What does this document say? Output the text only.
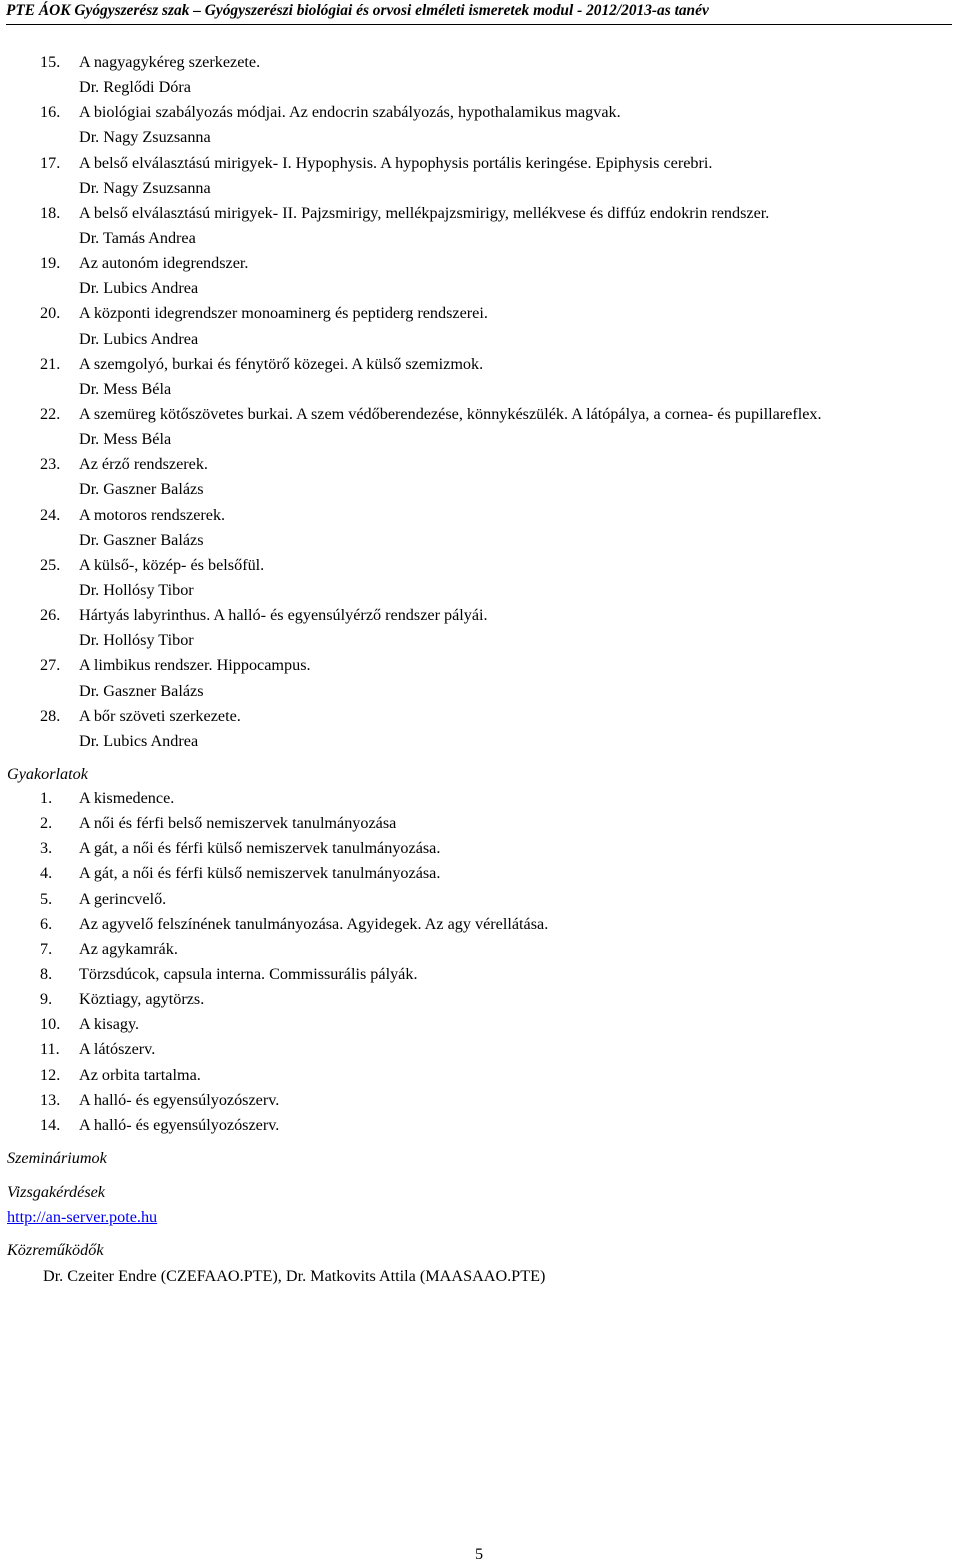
PTE ÁOK Gyógyszerész szak – Gyógyszerészi biológiai és orvosi elméleti ismeretek modul - 2012/2013-as tanév
15. A nagyagykéreg szerkezete.
Dr. Reglődi Dóra
16. A biológiai szabályozás módjai. Az endocrin szabályozás, hypothalamikus magvak.
Dr. Nagy Zsuzsanna
17. A belső elválasztású mirigyek- I. Hypophysis. A hypophysis portális keringése. Epiphysis cerebri.
Dr. Nagy Zsuzsanna
18. A belső elválasztású mirigyek- II. Pajzsmirigy, mellékpajzsmirigy, mellékvese és diffúz endokrin rendszer.
Dr. Tamás Andrea
19. Az autonóm idegrendszer.
Dr. Lubics Andrea
20. A központi idegrendszer monoaminerg és peptiderg rendszerei.
Dr. Lubics Andrea
21. A szemgolyó, burkai és fénytörő közegei. A külső szemizmok.
Dr. Mess Béla
22. A szemüreg kötőszövetes burkai. A szem védőberendezése, könnykészülék. A látópálya, a cornea- és pupillareflex.
Dr. Mess Béla
23. Az érző rendszerek.
Dr. Gaszner Balázs
24. A motoros rendszerek.
Dr. Gaszner Balázs
25. A külső-, közép- és belsőfül.
Dr. Hollósy Tibor
26. Hártyás labyrinthus. A halló- és egyensúlyérző rendszer pályái.
Dr. Hollósy Tibor
27. A limbikus rendszer. Hippocampus.
Dr. Gaszner Balázs
28. A bőr szöveti szerkezete.
Dr. Lubics Andrea
Gyakorlatok
1. A kismedence.
2. A női és férfi belső nemiszervek tanulmányozása
3. A gát, a női és férfi külső nemiszervek tanulmányozása.
4. A gát, a női és férfi külső nemiszervek tanulmányozása.
5. A gerincvelő.
6. Az agyvelő felszínének tanulmányozása. Agyidegek. Az agy vérellátása.
7. Az agykamrák.
8. Törzsdúcok, capsula interna. Commissurális pályák.
9. Köztiagy, agytörzs.
10. A kisagy.
11. A látószerv.
12. Az orbita tartalma.
13. A halló- és egyensúlyozószerv.
14. A halló- és egyensúlyozószerv.
Szemináriumok
Vizsgakérdések
http://an-server.pote.hu
Közreműködők
Dr. Czeiter Endre (CZEFAAO.PTE), Dr. Matkovits Attila (MAASAAO.PTE)
5
